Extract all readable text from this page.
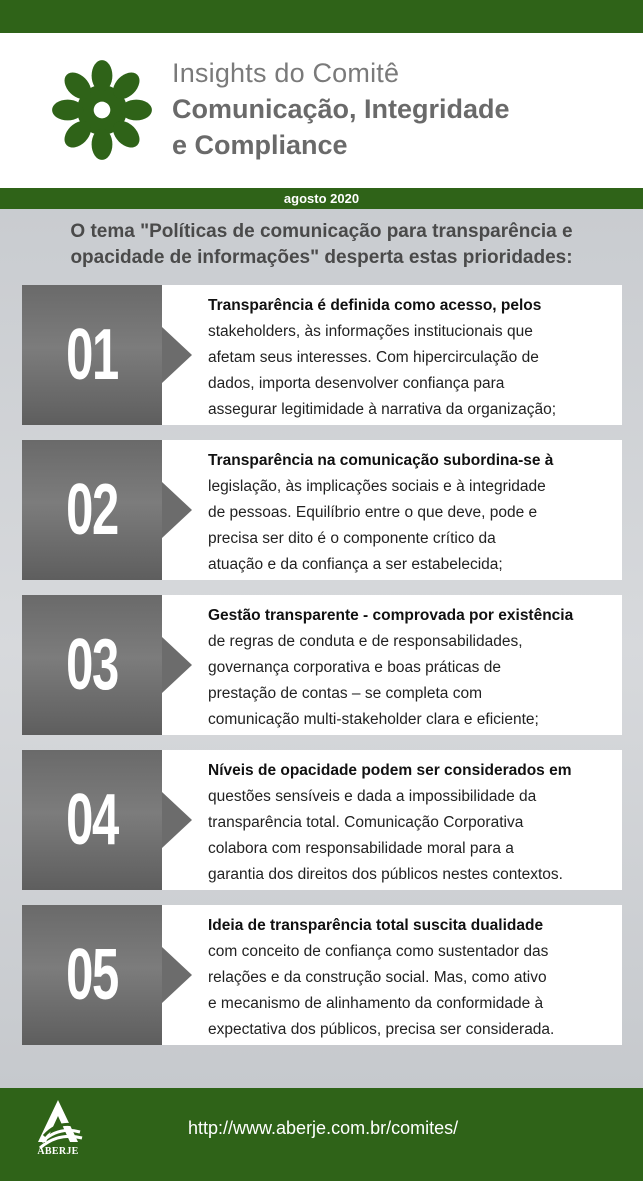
Insights do Comitê
Comunicação, Integridade
e Compliance
agosto 2020
O tema "Políticas de comunicação para transparência e
opacidade de informações" desperta estas prioridades:
Transparência é definida como acesso, pelos
stakeholders, às informações institucionais que
afetam seus interesses. Com hipercirculação de
dados, importa desenvolver confiança para
assegurar legitimidade à narrativa da organização;
01
Transparência na comunicação subordina-se à
legislação, às implicações sociais e à integridade
de pessoas. Equilíbrio entre o que deve, pode e
precisa ser dito é o componente crítico da
atuação e da confiança a ser estabelecida;
02
Gestão transparente - comprovada por existência
de regras de conduta e de responsabilidades,
governança corporativa e boas práticas de
prestação de contas – se completa com
comunicação multi-stakeholder clara e eficiente;
03
Níveis de opacidade podem ser considerados em
questões sensíveis e dada a impossibilidade da
transparência total. Comunicação Corporativa
colabora com responsabilidade moral para a
garantia dos direitos dos públicos nestes contextos.
04
Ideia de transparência total suscita dualidade
com conceito de confiança como sustentador das
relações e da construção social. Mas, como ativo
e mecanismo de alinhamento da conformidade à
expectativa dos públicos, precisa ser considerada.
05
ABERJE
http://www.aberje.com.br/comites/
